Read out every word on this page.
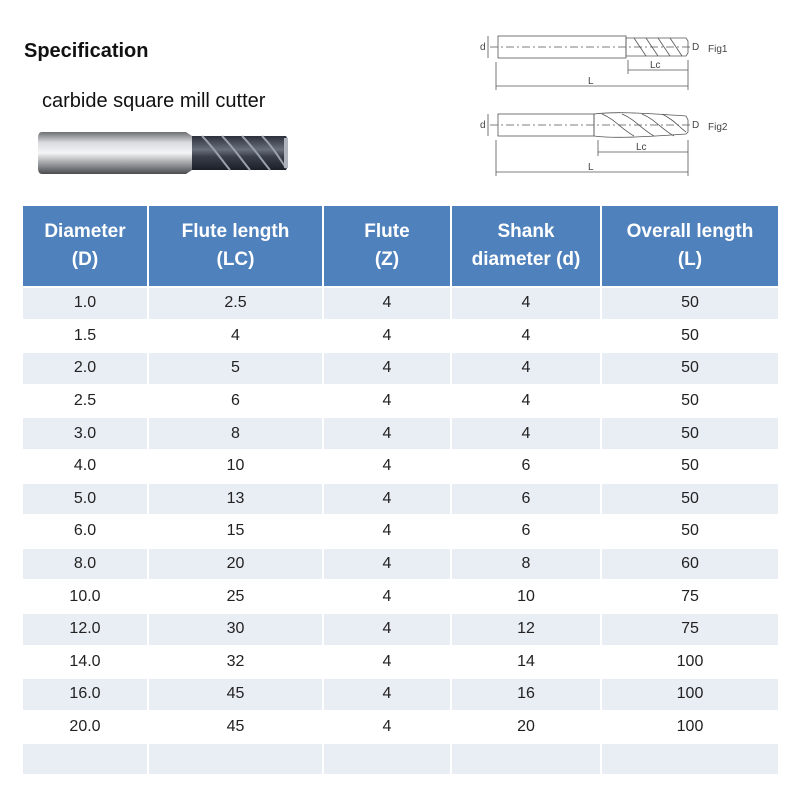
Specification
carbide square mill cutter
Fig1
Fig2
d
d
D
D
Lc
Lc
L
L
Diameter
(D)	Flute length
(LC)	Flute
(Z)	Shank
diameter (d)	Overall length
(L)

1.0	2.5	4	4	50
1.5	4	4	4	50
2.0	5	4	4	50
2.5	6	4	4	50
3.0	8	4	4	50
4.0	10	4	6	50
5.0	13	4	6	50
6.0	15	4	6	50
8.0	20	4	8	60
10.0	25	4	10	75
12.0	30	4	12	75
14.0	32	4	14	100
16.0	45	4	16	100
20.0	45	4	20	100
